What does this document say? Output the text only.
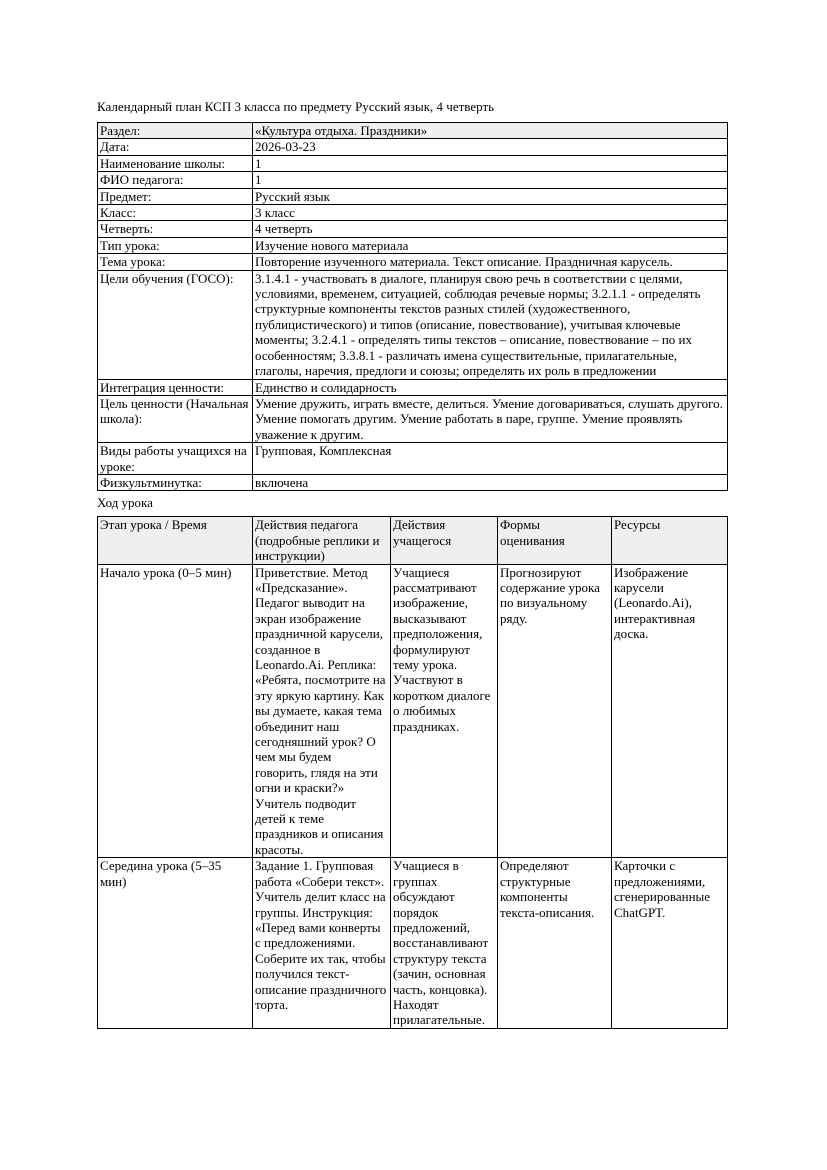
Календарный план КСП 3 класса по предмету Русский язык, 4 четверть
Раздел:	«Культура отдыха. Праздники»
Дата:	2026-03-23
Наименование школы:	1
ФИО педагога:	1
Предмет:	Русский язык
Класс:	3 класс
Четверть:	4 четверть
Тип урока:	Изучение нового материала
Тема урока:	Повторение изученного материала. Текст описание. Праздничная карусель.
Цели обучения (ГОСО):	3.1.4.1 - участвовать в диалоге, планируя свою речь в соответствии с целями, условиями, временем, ситуацией, соблюдая речевые нормы; 3.2.1.1 - определять структурные компоненты текстов разных стилей (художественного, публицистического) и типов (описание, повествование), учитывая ключевые моменты; 3.2.4.1 - определять типы текстов – описание, повествование – по их особенностям; 3.3.8.1 - различать имена существительные, прилагательные, глаголы, наречия, предлоги и союзы; определять их роль в предложении
Интеграция ценности:	Единство и солидарность
Цель ценности (Начальная школа):	Умение дружить, играть вместе, делиться. Умение договариваться, слушать другого. Умение помогать другим. Умение работать в паре, группе. Умение проявлять уважение к другим.
Виды работы учащихся на уроке:	Групповая, Комплексная
Физкультминутка:	включена
Ход урока
Этап урока / Время	Действия педагога (подробные реплики и инструкции)	Действия учащегося	Формы оценивания	Ресурсы
Начало урока (0–5 мин)	Приветствие. Метод «Предсказание». Педагог выводит на экран изображение праздничной карусели, созданное в Leonardo.Ai. Реплика: «Ребята, посмотрите на эту яркую картину. Как вы думаете, какая тема объединит наш сегодняшний урок? О чем мы будем говорить, глядя на эти огни и краски?» Учитель подводит детей к теме праздников и описания красоты.	Учащиеся рассматривают изображение, высказывают предположения, формулируют тему урока. Участвуют в коротком диалоге о любимых праздниках.	Прогнозируют содержание урока по визуальному ряду.	Изображение карусели (Leonardo.Ai), интерактивная доска.
Середина урока (5–35 мин)	Задание 1. Групповая работа «Собери текст». Учитель делит класс на группы. Инструкция: «Перед вами конверты с предложениями. Соберите их так, чтобы получился текст-описание праздничного торта.	Учащиеся в группах обсуждают порядок предложений, восстанавливают структуру текста (зачин, основная часть, концовка). Находят прилагательные.	Определяют структурные компоненты текста-описания.	Карточки с предложениями, сгенерированные ChatGPT.
